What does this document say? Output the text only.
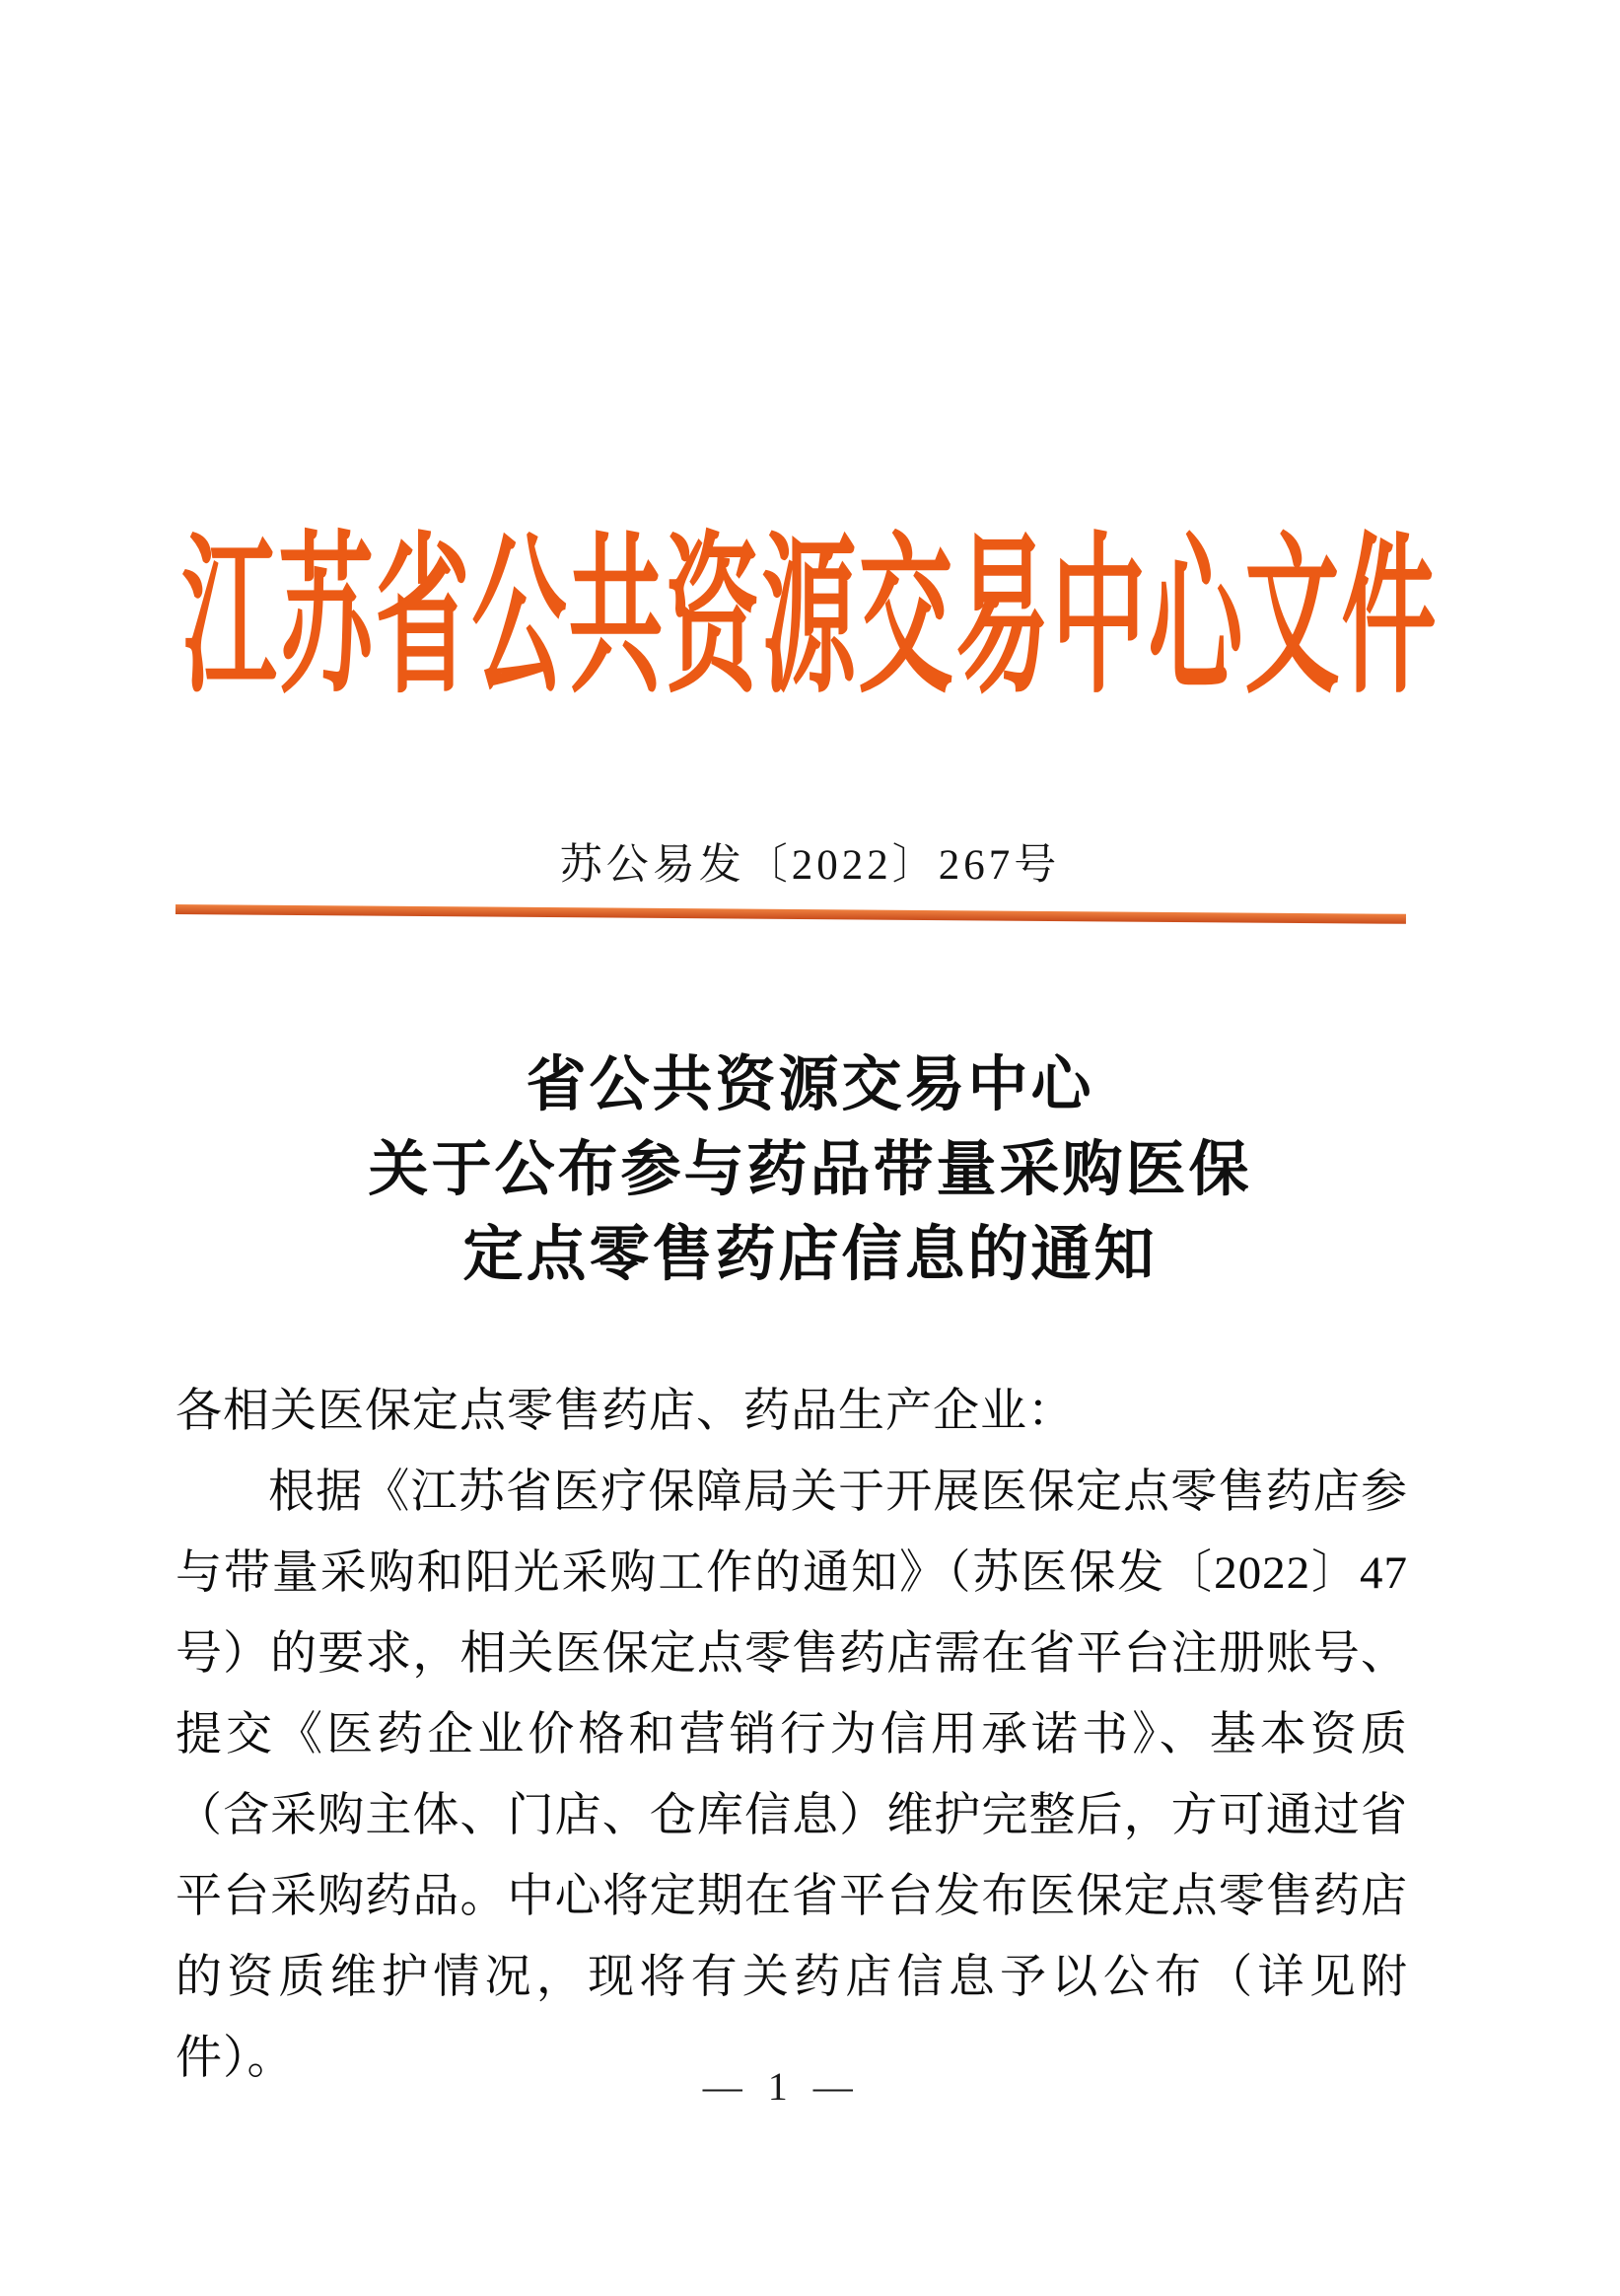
江苏省公共资源交易中心文件
苏公易发〔2022〕267号
省公共资源交易中心
关于公布参与药品带量采购医保
定点零售药店信息的通知

各相关医保定点零售药店、药品生产企业：

根据《江苏省医疗保障局关于开展医保定点零售药店参与带量采购和阳光采购工作的通知》（苏医保发〔2022〕47号）的要求，相关医保定点零售药店需在省平台注册账号、提交《医药企业价格和营销行为信用承诺书》、基本资质（含采购主体、门店、仓库信息）维护完整后，方可通过省平台采购药品。中心将定期在省平台发布医保定点零售药店的资质维护情况，现将有关药店信息予以公布（详见附件）。

— 1 —
